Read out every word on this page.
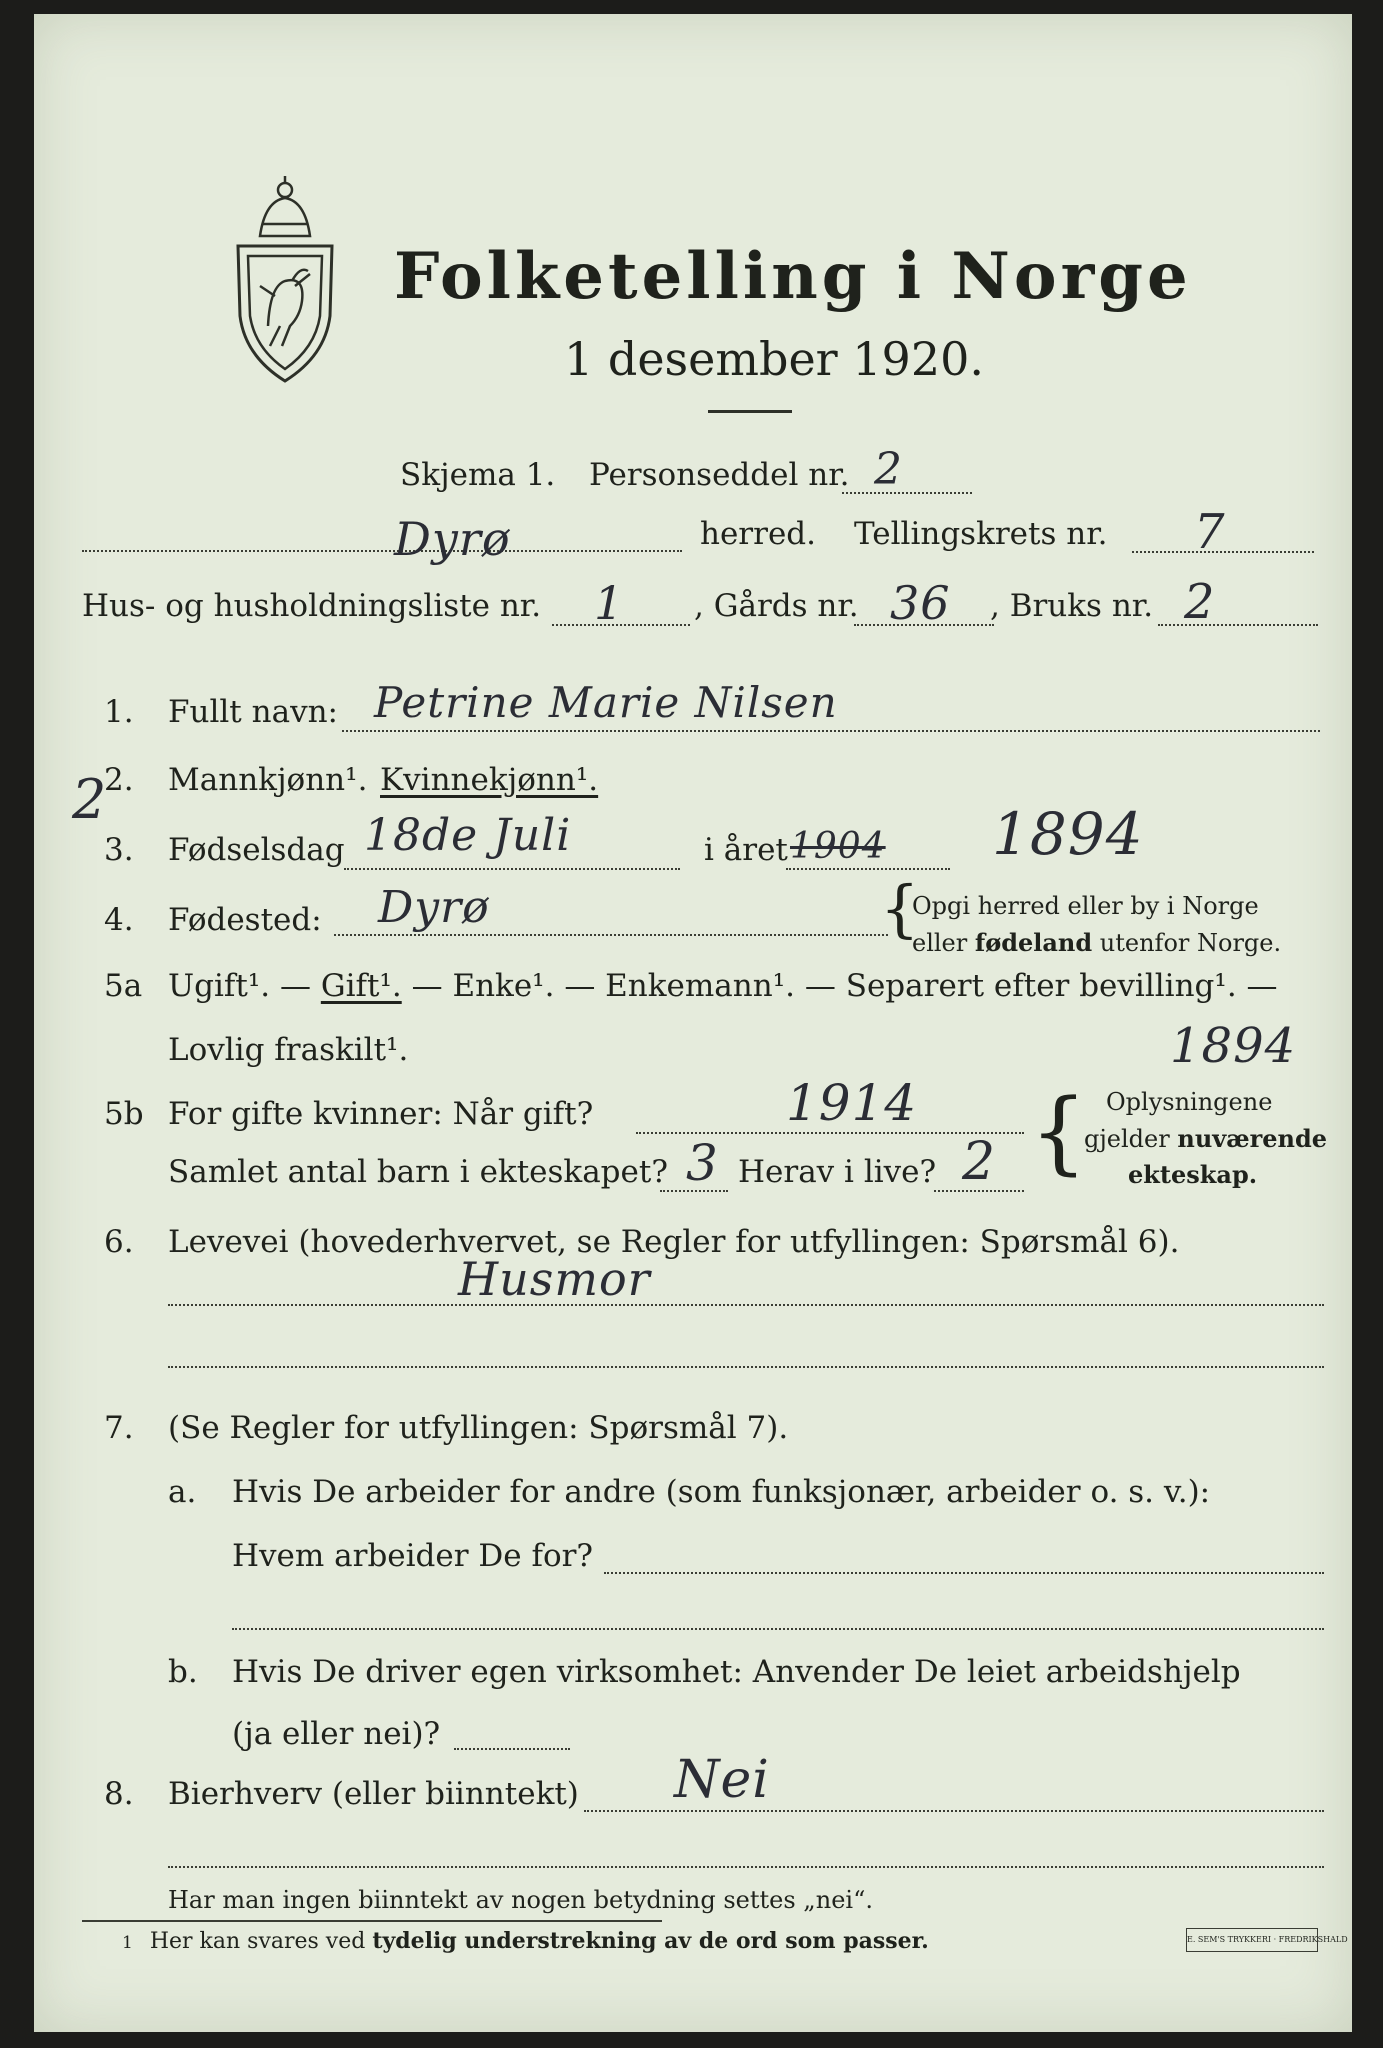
Folketelling i Norge
1 desember 1920.
Skjema 1. Personseddel nr. 2
Dyrø	herred. Tellingskrets nr. 7
Hus- og husholdningsliste nr. 1 , Gårds nr. 36 , Bruks nr. 2
1. Fullt navn: Petrine Marie Nilsen
2
2. Mannkjønn¹. Kvinnekjønn¹.
3. Fødselsdag 18de Juli	i året 1904 1894
4. Fødested: Dyrø	{
Opgi herred eller by i Norge
eller fødeland utenfor Norge.
5a Ugift¹. — Gift¹. — Enke¹. — Enkemann¹. — Separert efter bevilling¹. —
Lovlig fraskilt¹.	1894
5b For gifte kvinner: Når gift?	1914
Samlet antal barn i ekteskapet? 3 Herav i live? 2 { Oplysningene
gjelder nuværende
ekteskap.
6. Levevei (hovederhvervet, se Regler for utfyllingen: Spørsmål 6).
Husmor
7. (Se Regler for utfyllingen: Spørsmål 7).
a. Hvis De arbeider for andre (som funksjonær, arbeider o. s. v.):
Hvem arbeider De for?
b. Hvis De driver egen virksomhet: Anvender De leiet arbeidshjelp
(ja eller nei)?
8. Bierhverv (eller biinntekt) Nei
Har man ingen biinntekt av nogen betydning settes „nei“.
1 Her kan svares ved tydelig understrekning av de ord som passer.	E. SEM'S TRYKKERI · FREDRIKSHALD
